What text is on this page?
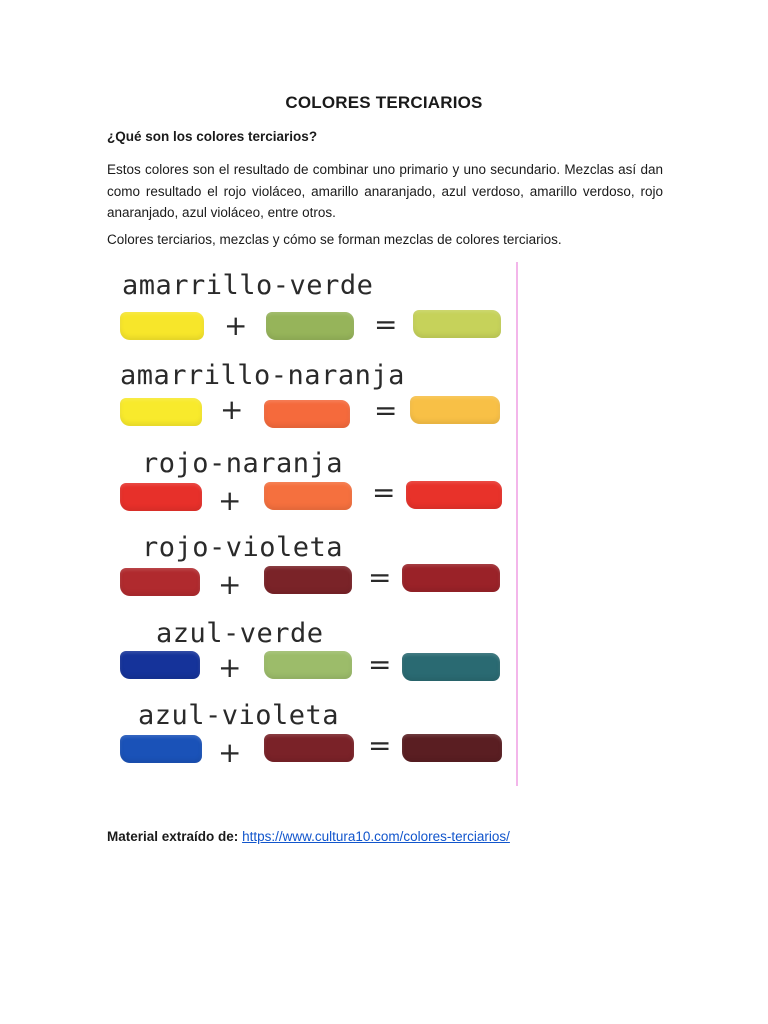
COLORES TERCIARIOS
¿Qué son los colores terciarios?
Estos colores son el resultado de combinar uno primario y uno secundario. Mezclas así dan como resultado el rojo violáceo, amarillo anaranjado, azul verdoso, amarillo verdoso, rojo anaranjado, azul violáceo, entre otros.
Colores terciarios, mezclas y cómo se forman mezclas de colores terciarios.
amarrillo-verde
+	=
amarrillo-naranja
+	=
rojo-naranja
+	=
rojo-violeta
+	=
azul-verde
+	=
azul-violeta
+	=
Material extraído de: https://www.cultura10.com/colores-terciarios/
